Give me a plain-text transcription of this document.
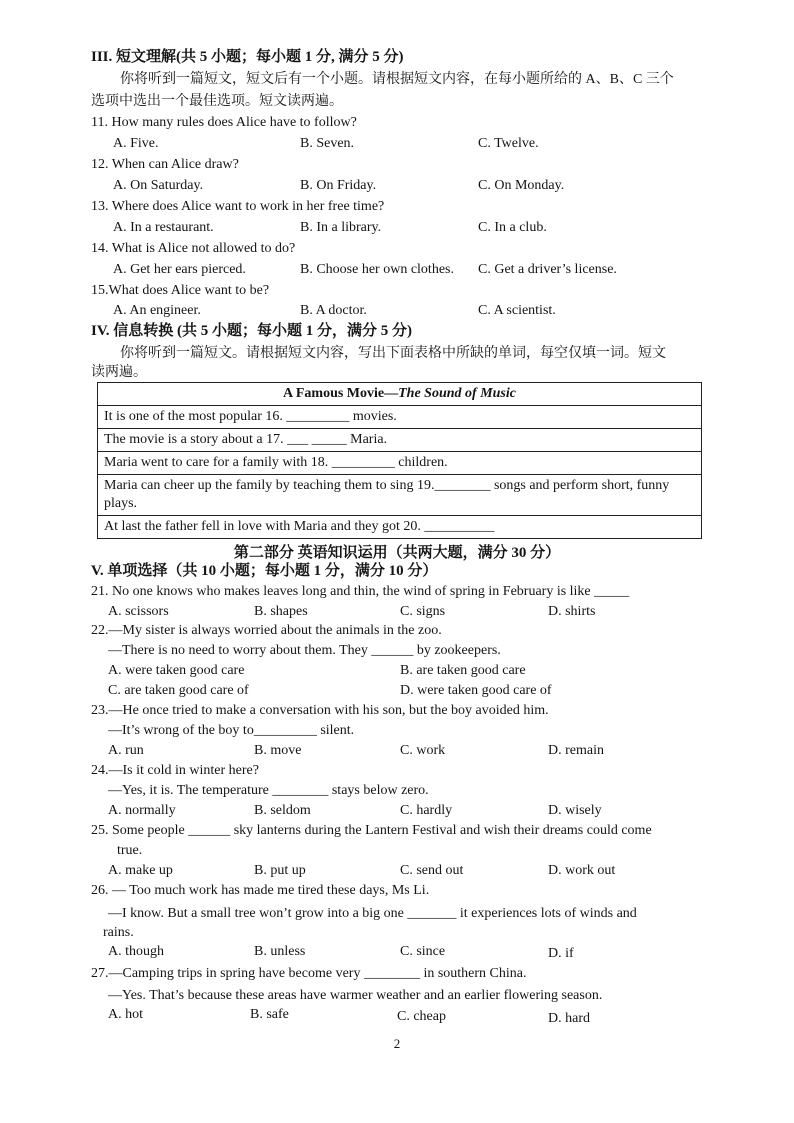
III. 短文理解(共 5 小题；每小题 1 分, 满分 5 分)
你将听到一篇短文，短文后有一个小题。请根据短文内容，在每小题所给的 A、B、C 三个
选项中选出一个最佳选项。短文读两遍。
11. How many rules does Alice have to follow?
A. Five.	B. Seven.	C. Twelve.
12. When can Alice draw?
A. On Saturday.	B. On Friday.	C. On Monday.
13. Where does Alice want to work in her free time?
A. In a restaurant.	B. In a library.	C. In a club.
14. What is Alice not allowed to do?
A. Get her ears pierced.	B. Choose her own clothes. C. Get a driver’s license.
15.What does Alice want to be?
A. An engineer.	B. A doctor.	C. A scientist.
IV. 信息转换 (共 5 小题；每小题 1 分，满分 5 分)
你将听到一篇短文。请根据短文内容，写出下面表格中所缺的单词，每空仅填一词。短文
读两遍。
A Famous Movie—The Sound of Music
It is one of the most popular 16. _________ movies.
The movie is a story about a 17. ___ _____ Maria.
Maria went to care for a family with 18. _________ children.
Maria can cheer up the family by teaching them to sing 19.________ songs and perform short, funny plays.
At last the father fell in love with Maria and they got 20. __________
第二部分 英语知识运用（共两大题，满分 30 分）
V. 单项选择（共 10 小题；每小题 1 分，满分 10 分）
21. No one knows who makes leaves long and thin, the wind of spring in February is like _____
A. scissors	B. shapes	C. signs	D. shirts
22.—My sister is always worried about the animals in the zoo.
—There is no need to worry about them. They ______ by zookeepers.
A. were taken good care	B. are taken good care
C. are taken good care of	D. were taken good care of
23.—He once tried to make a conversation with his son, but the boy avoided him.
—It’s wrong of the boy to_________ silent.
A. run	B. move	C. work	D. remain
24.—Is it cold in winter here?
—Yes, it is. The temperature ________ stays below zero.
A. normally	B. seldom	C. hardly	D. wisely
25. Some people ______ sky lanterns during the Lantern Festival and wish their dreams could come
true.
A. make up	B. put up	C. send out	D. work out
26. — Too much work has made me tired these days, Ms Li.
—I know. But a small tree won’t grow into a big one _______ it experiences lots of winds and
rains.
A. though	B. unless	C. since	D. if
27.—Camping trips in spring have become very ________ in southern China.
—Yes. That’s because these areas have warmer weather and an earlier flowering season.
A. hot	B. safe	C. cheap	D. hard
2
